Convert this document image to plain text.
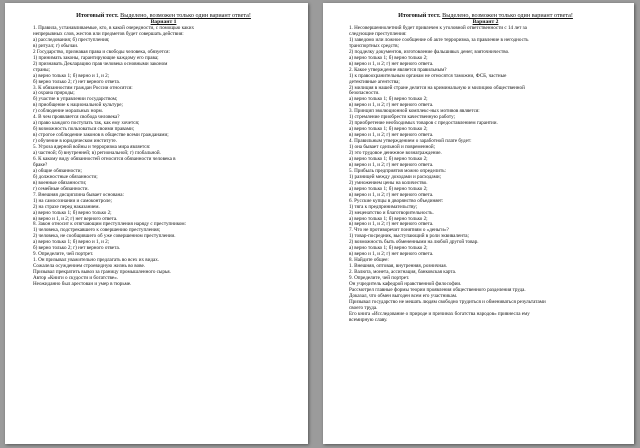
Итоговый тест. Выделено, возможен только один вариант ответа!
Вариант 1
1. Правила, устанавливаемые, кто, в какой очередности, с помощью каких
непрерывных слов, жестов или предметов будет совершать действия:
а) расследования; б) преступления;
в) ритуал; г) обычаи.
2 Государство, признавая права и свободы человека, обязуется:
1) принимать законы, гарантирующие каждому его права;
2) признавать Декларацию прав человека основными законом
страны;
а) верно только 1; б) верно и 1, и 2;
б) верно только 2; г) нет верного ответа.
3. К обязанностям граждан России относятся:
а) охрана природы;
б) участие в управлении государством;
в) приобщение к национальной культуре;
г) соблюдение моральных норм.
4. В чем проявляется свобода человека?
а) право каждого поступать так, как ему хочется;
б) возможность пользоваться своими правами;
в) строгое соблюдение законов в обществе всеми гражданами;
г) обучение в юридическом институте.
5. Угроза ядерной войны и терроризма мира является:
а) частной; б) внутренней; в) региональной; г) глобальной.
6. К какому виду обязанностей относится обязанности человека в
браке?
а) общие обязанности;
б) должностные обязанности;
в) военные обязанности;
г) семейные обязанности.
7. Внешняя дисциплина бывает основана:
1) на самосознании и самоконтроле;
2) на страхе перед наказанием.
а) верно только 1; б) верно только 2;
в) верно и 1, и 2; г) нет верного ответа.
8. Закон относит к отягчающим преступления наряду с преступником:
1) человека, подстрекавшего к совершению преступления;
2) человека, не сообщившего об уже совершенном преступлении.
а) верно только 1; б) верно и 1, и 2;
б) верно только 2; г) нет верного ответа.
9. Определите, чей портрет.
1. Он призывал уважительно предлагать во всех их видах.
Сожалела осуждением строевидную жизнь во вове.
Призывал прекратить вывоз за границу промышленного сырья.
Автор «Книги о скудости и богатстве».
Неожиданно был арестован и умер в тюрьме.
Итоговый тест. Выделено, возможен только один вариант ответа!
Вариант 2
1. Несовершеннолетний будет привлечен к уголовной ответственности с 14 лет за
следующие преступления:
1) заведомо или ложное сообщение об акте терроризма, за правление в негодность
транспортных средств;
2) подделку документов, изготовление фальшивых денег, взяточничество.
а) верно только 1; б) верно только 2;
в) верно и 1, и 2; г) нет верного ответа.
2. Какое утверждение является правильным?
1) к правоохранительным органам не относятся таможни, ФСБ, частные
детективные агентства;
2) милиция в нашей стране делится на криминальную и милицию общественной
безопасности.
а) верно только 1; б) верно только 2;
в) верно и 1, и 2; г) нет верного ответа.
3. Принцип эволюционной комплекс-ных мотивов является:
1) стремление приобрести качественную работу;
2) приобретение необходимых товаров с предоставлением гарантии.
а) верно только 1; б) верно только 2;
в) верно и 1, и 2; г) нет верного ответа.
4. Правильным утверждением о заработной плате будет:
1) она бывает сдельной и повременной;
2) это трудовое денежное вознаграждение.
а) верно только 1; б) верно только 2;
в) верно и 1, и 2; г) нет верного ответа.
5. Прибыль предприятия можно определить:
1) разницей между доходами и расходами;
2) умножением цены на количество.
а) верно только 1; б) верно только 2;
в) верно и 1, и 2; г) нет верного ответа.
6. Русские купцы в дворянство объединяет:
1) тяга к предпринимательству;
2) меценатство и благотворительность.
а) верно только 1; б) верно только 2;
в) верно и 1, и 2; г) нет верного ответа.
7. Что не противоречит понятиям о «деньги»?
1) товар-посредник, выступающий в роли эквивалента;
2) возможность быть обмененными на любой другой товар.
а) верно только 1; б) верно только 2;
в) верно и 1, и 2; г) нет верного ответа.
8. Найдите общее:
1. Внешняя, оптовая, внутренняя, розничная.
2. Валюта, монета, ассигнация, банковская карта.
9. Определите, чей портрет.
Он учредитель кафедрой нравственной философии.
Рассмотрел главные формы теории проявления общественного разделения труда.
Доказал, что обмен выгоден всем его участникам.
Призывал государство не мешать людям свободно трудиться и обмениваться результатами
своего труда.
Его книга «Исследование о природе и причинах богатства народов» привнесла ему
всемирную славу.
